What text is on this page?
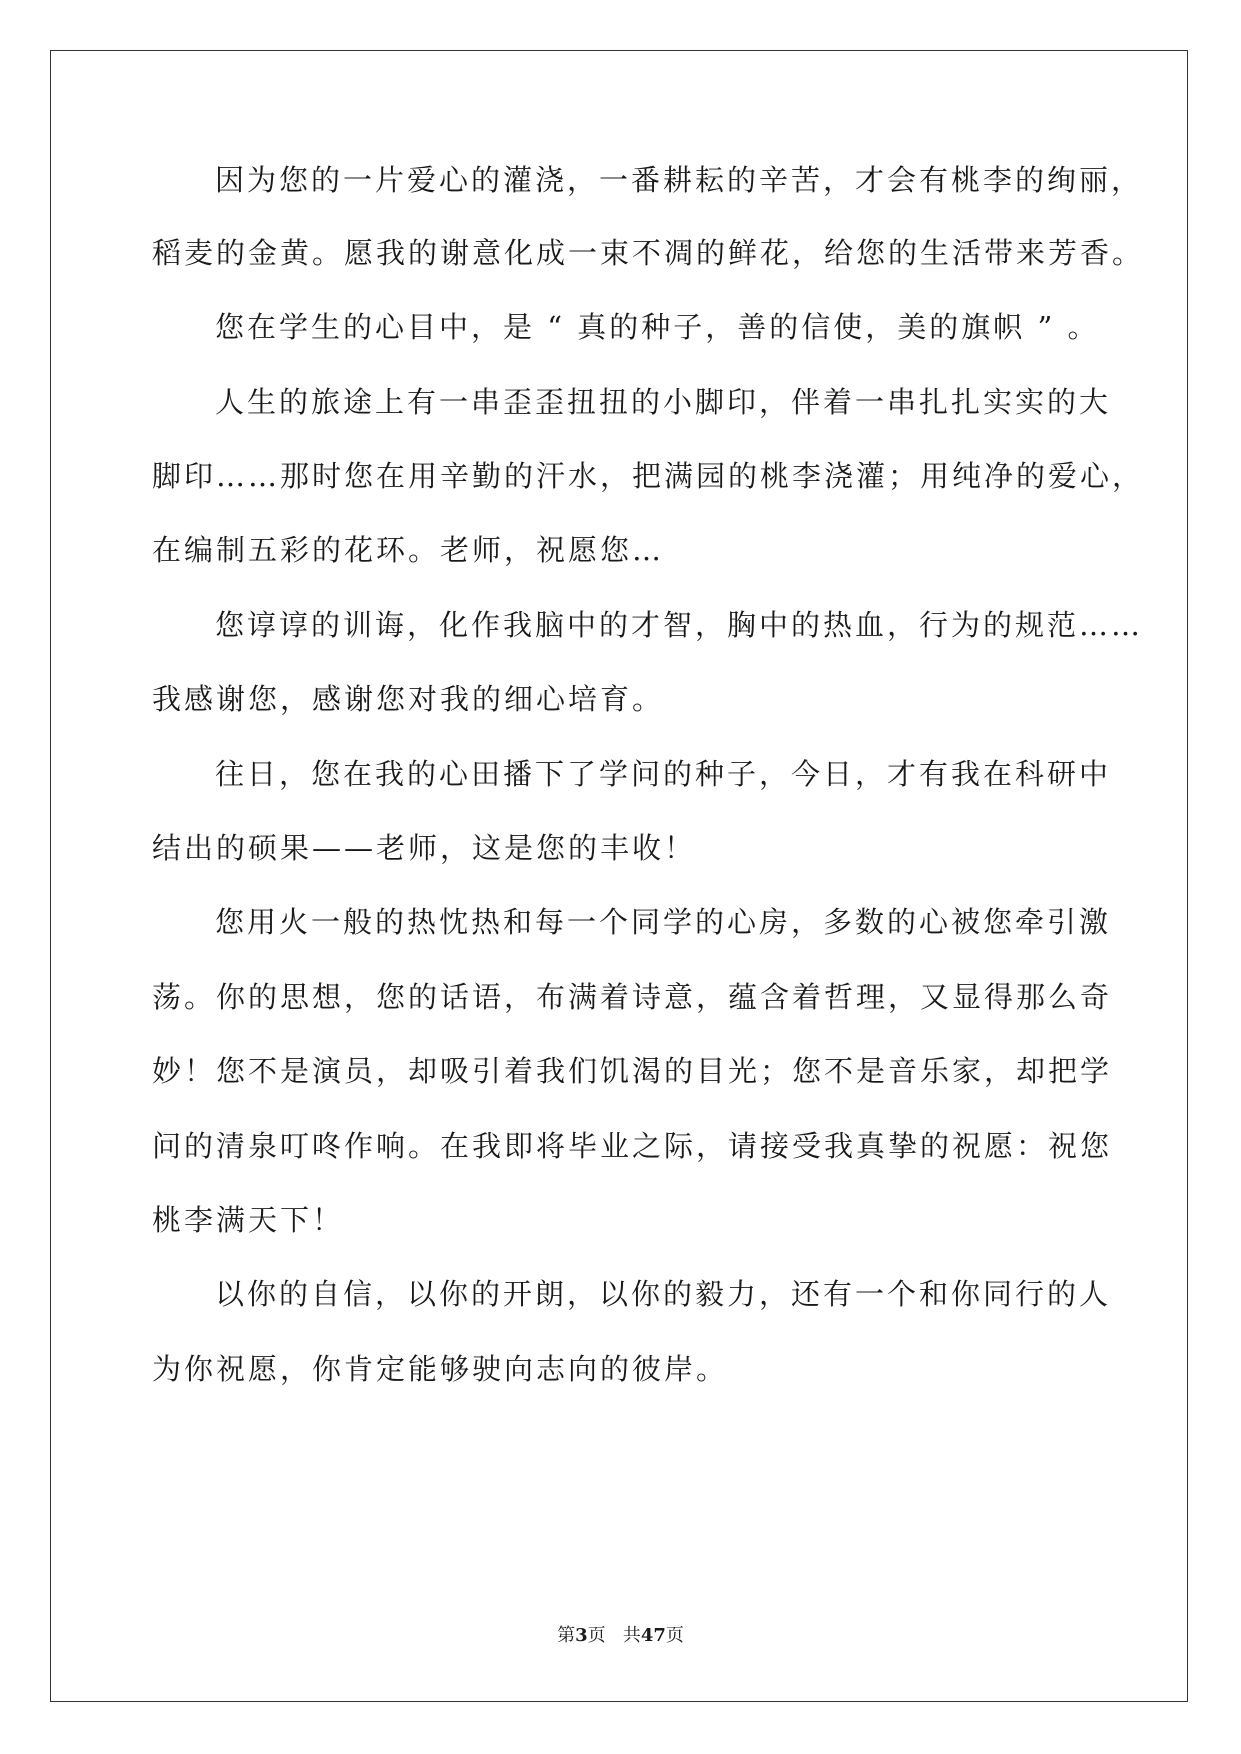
因为您的一片爱心的灌浇，一番耕耘的辛苦，才会有桃李的绚丽，
稻麦的金黄。愿我的谢意化成一束不凋的鲜花，给您的生活带来芳香。
您在学生的心目中，是 “ 真的种子，善的信使，美的旗帜 ” 。
人生的旅途上有一串歪歪扭扭的小脚印，伴着一串扎扎实实的大
脚印……那时您在用辛勤的汗水，把满园的桃李浇灌；用纯净的爱心，
在编制五彩的花环。老师，祝愿您…
您谆谆的训诲，化作我脑中的才智，胸中的热血，行为的规范……
我感谢您，感谢您对我的细心培育。
往日，您在我的心田播下了学问的种子，今日，才有我在科研中
结出的硕果——老师，这是您的丰收！
您用火一般的热忱热和每一个同学的心房，多数的心被您牵引激
荡。你的思想，您的话语，布满着诗意，蕴含着哲理，又显得那么奇
妙！您不是演员，却吸引着我们饥渴的目光；您不是音乐家，却把学
问的清泉叮咚作响。在我即将毕业之际，请接受我真挚的祝愿：祝您
桃李满天下！
以你的自信，以你的开朗，以你的毅力，还有一个和你同行的人
为你祝愿，你肯定能够驶向志向的彼岸。
第3页 共47页
